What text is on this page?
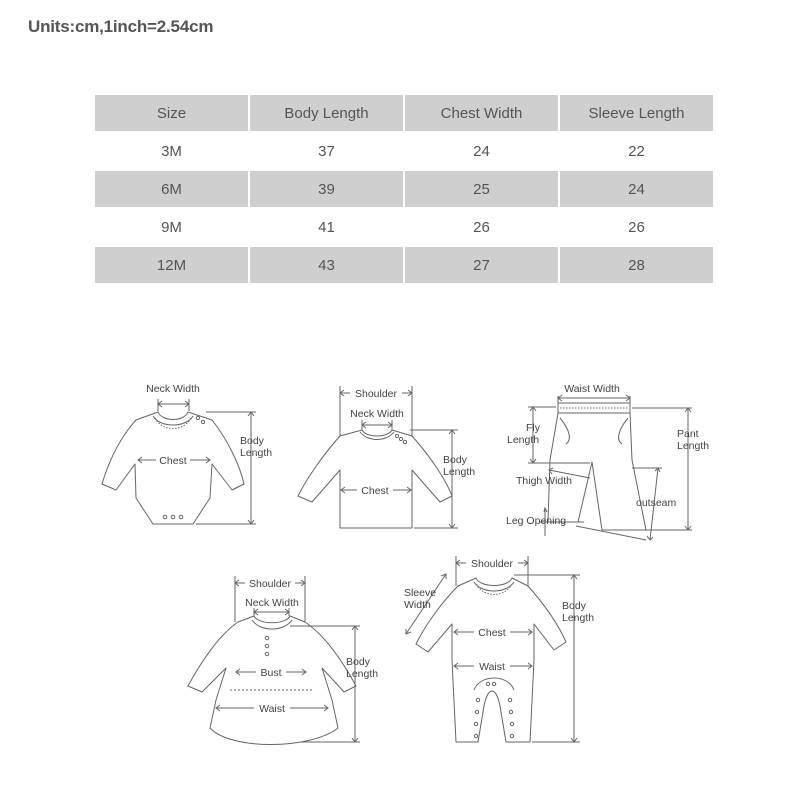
Units:cm,1inch=2.54cm
Size	Body Length	Chest Width	Sleeve Length
3M	37	24	22
6M	39	25	24
9M	41	26	26
12M	43	27	28
Neck Width
Chest
Body
Length
Shoulder
Neck Width
Chest
Body
Length
Waist Width
Fly
Length	Pant
Length
Thigh Width
outseam
Leg Opening
Shoulder
Neck Width
Bust
Waist
Body
Length
Shoulder
Sleeve
Width
Chest
Waist
Body
Length
